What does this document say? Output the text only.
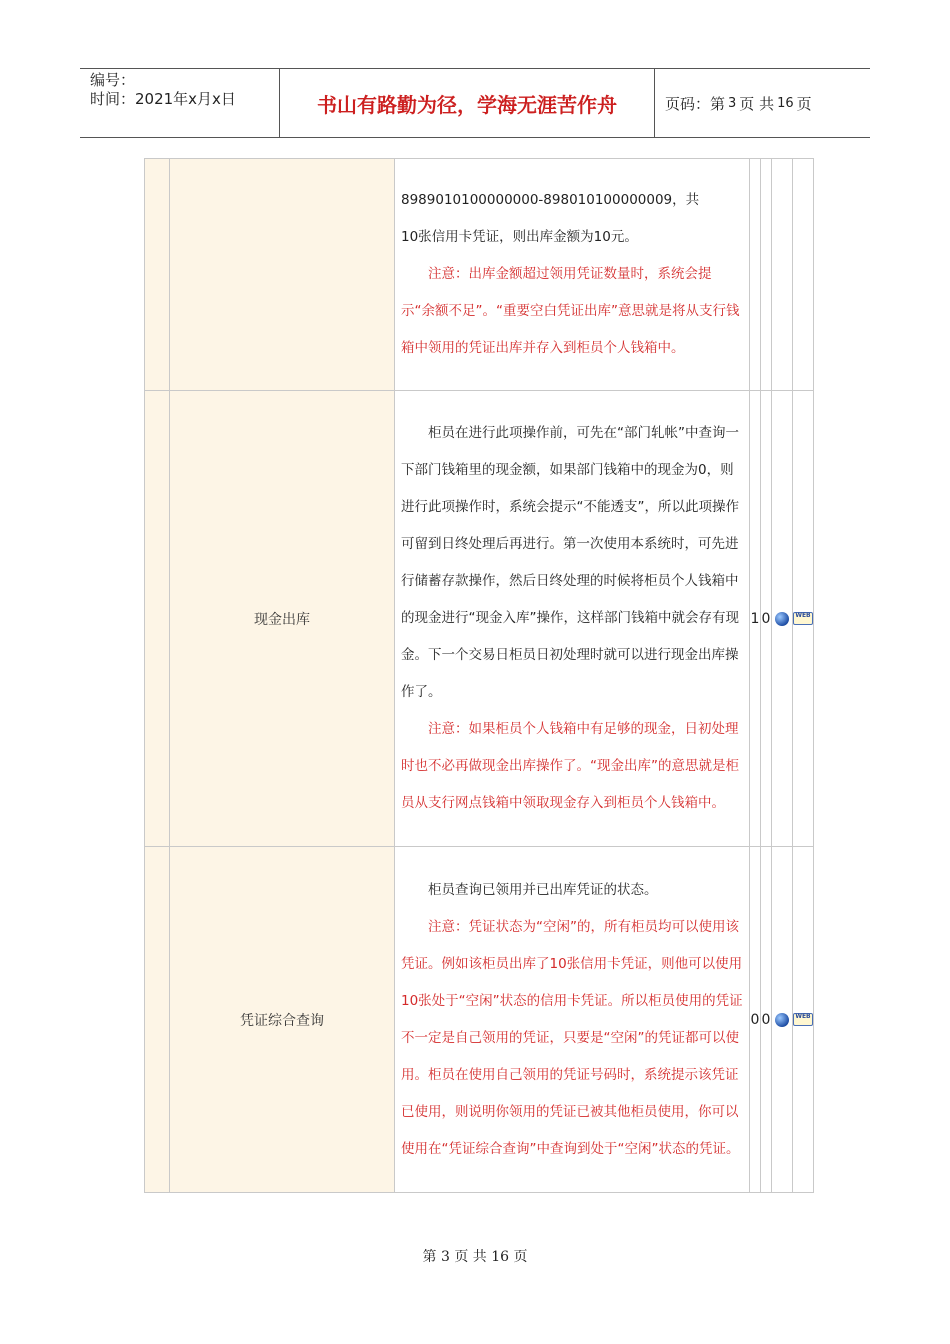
编号：
时间：2021年x月x日	书山有路勤为径，学海无涯苦作舟	页码：第 3 页 共 16 页

		8989010100000000-898010100000009，共

10张信用卡凭证，则出库金额为10元。

注意：出库金额超过领用凭证数量时，系统会提示“余额不足”。“重要空白凭证出库”意思就是将从支行钱箱中领用的凭证出库并存入到柜员个人钱箱中。				

	现金出库	柜员在进行此项操作前，可先在“部门轧帐”中查询一下部门钱箱里的现金额，如果部门钱箱中的现金为0，则进行此项操作时，系统会提示“不能透支”，所以此项操作可留到日终处理后再进行。第一次使用本系统时，可先进行储蓄存款操作，然后日终处理的时候将柜员个人钱箱中的现金进行“现金入库”操作，这样部门钱箱中就会存有现金。下一个交易日柜员日初处理时就可以进行现金出库操作了。

注意：如果柜员个人钱箱中有足够的现金，日初处理时也不必再做现金出库操作了。“现金出库”的意思就是柜员从支行网点钱箱中领取现金存入到柜员个人钱箱中。	1	0		WEB

	凭证综合查询	柜员查询已领用并已出库凭证的状态。

注意：凭证状态为“空闲”的，所有柜员均可以使用该凭证。例如该柜员出库了10张信用卡凭证，则他可以使用10张处于“空闲”状态的信用卡凭证。所以柜员使用的凭证不一定是自己领用的凭证，只要是“空闲”的凭证都可以使用。柜员在使用自己领用的凭证号码时，系统提示该凭证已使用，则说明你领用的凭证已被其他柜员使用，你可以使用在“凭证综合查询”中查询到处于“空闲”状态的凭证。	0	0		WEB
第 3 页 共 16 页
